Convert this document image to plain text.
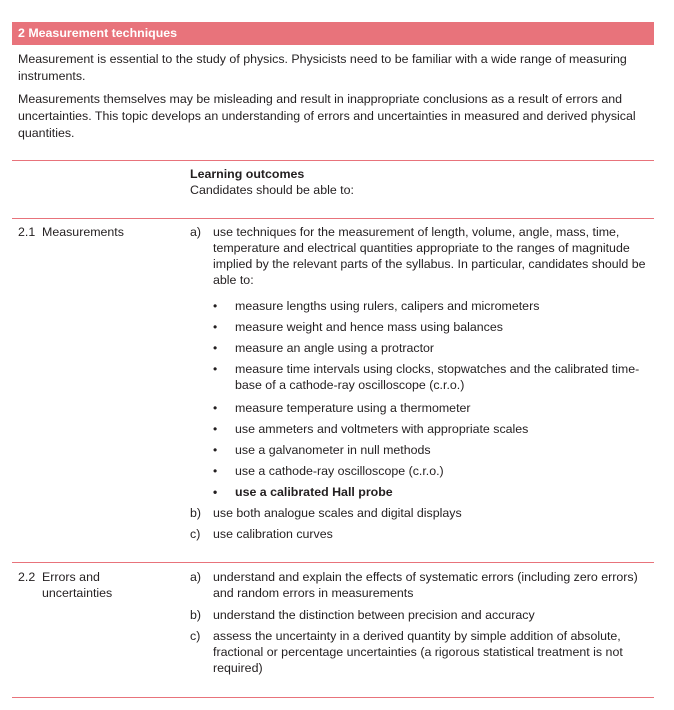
2 Measurement techniques

Measurement is essential to the study of physics. Physicists need to be familiar with a wide range of measuring instruments.

Measurements themselves may be misleading and result in inappropriate conclusions as a result of errors and uncertainties. This topic develops an understanding of errors and uncertainties in measured and derived physical quantities.

Learning outcomes
Candidates should be able to:
2.1 Measurements	a) use techniques for the measurement of length, volume, angle, mass, time, temperature and electrical quantities appropriate to the ranges of magnitude implied by the relevant parts of the syllabus. In particular, candidates should be able to:
• measure lengths using rulers, calipers and micrometers
• measure weight and hence mass using balances
• measure an angle using a protractor
• measure time intervals using clocks, stopwatches and the calibrated time-base of a cathode-ray oscilloscope (c.r.o.)
• measure temperature using a thermometer
• use ammeters and voltmeters with appropriate scales
• use a galvanometer in null methods
• use a cathode-ray oscilloscope (c.r.o.)
• use a calibrated Hall probe
b) use both analogue scales and digital displays
c) use calibration curves
2.2 Errors and
uncertainties
a) understand and explain the effects of systematic errors (including zero errors) and random errors in measurements
b) understand the distinction between precision and accuracy
c) assess the uncertainty in a derived quantity by simple addition of absolute, fractional or percentage uncertainties (a rigorous statistical treatment is not required)
